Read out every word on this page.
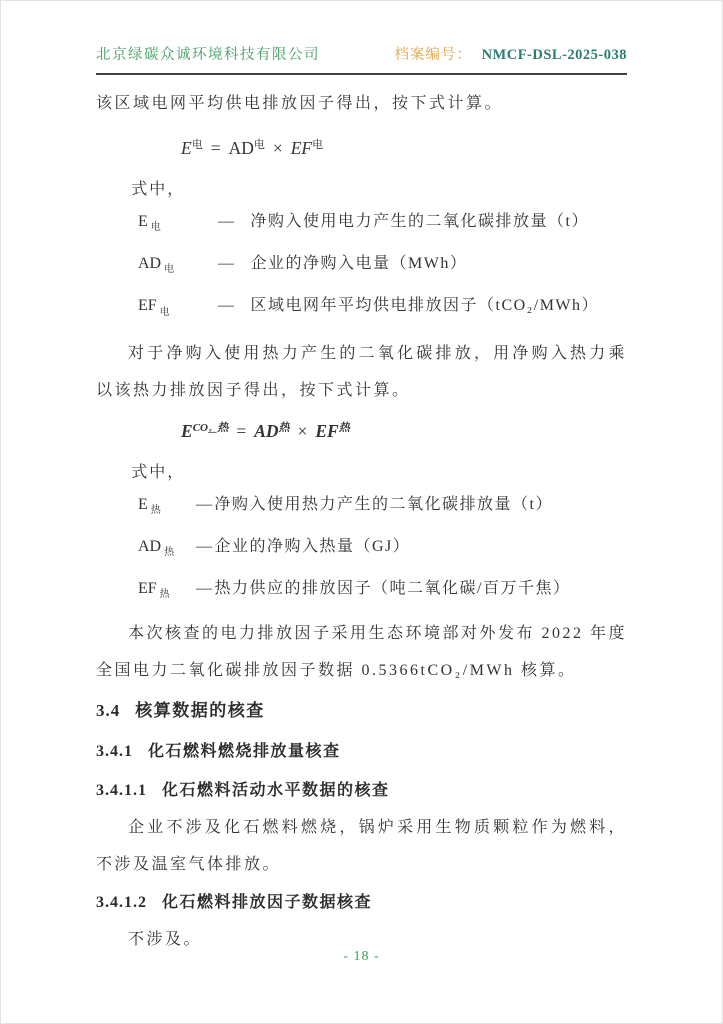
北京绿碳众诚环境科技有限公司	档案编号： NMCF-DSL-2025-038

该区域电网平均供电排放因子得出，按下式计算。

$E_电 = AD_电 \times EF_电$

式中，

E $_电$	— 净购入使用电力产生的二氧化碳排放量（t）
AD $_电$	— 企业的净购入电量（MWh）
EF $_电$	— 区域电网年平均供电排放因子（tCO₂/MWh）

对于净购入使用热力产生的二氧化碳排放，用净购入热力乘以该热力排放因子得出，按下式计算。

$E_{CO_2\_热} = AD_热 \times EF_热$

式中，

E $_热$	— 净购入使用热力产生的二氧化碳排放量（t）
AD $_热$	— 企业的净购入热量（GJ）
EF $_热$	— 热力供应的排放因子（吨二氧化碳/百万千焦）

本次核查的电力排放因子采用生态环境部对外发布 2022 年度全国电力二氧化碳排放因子数据 0.5366tCO₂/MWh 核算。

3.4 核算数据的核查
3.4.1 化石燃料燃烧排放量核查
3.4.1.1 化石燃料活动水平数据的核查

企业不涉及化石燃料燃烧，锅炉采用生物质颗粒作为燃料，不涉及温室气体排放。

3.4.1.2 化石燃料排放因子数据核查

不涉及。

- 18 -
